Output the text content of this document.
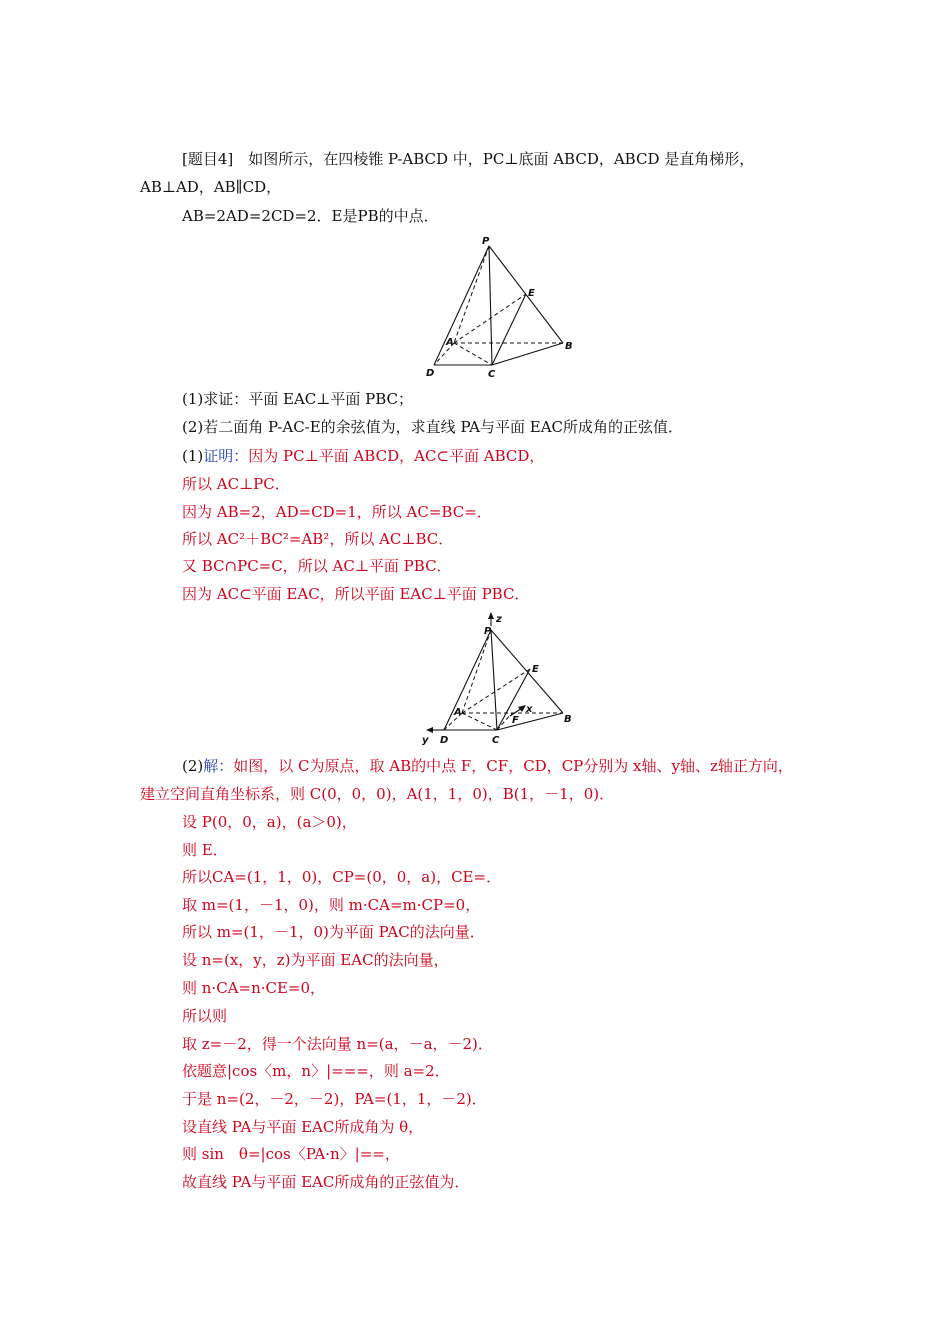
[题目4]　如图所示，在四棱锥 P-ABCD 中，PC⊥底面 ABCD，ABCD 是直角梯形，
AB⊥AD，AB∥CD，
AB=2AD=2CD=2．E是PB的中点．
P
E
A	B
C
D
(1)求证：平面 EAC⊥平面 PBC；
(2)若二面角 P-AC-E的余弦值为，求直线 PA与平面 EAC所成角的正弦值．
(1)证明：因为 PC⊥平面 ABCD，AC⊂平面 ABCD，
所以 AC⊥PC．
因为 AB=2，AD=CD=1，所以 AC=BC=．
所以 AC²＋BC²=AB²，所以 AC⊥BC．
又 BC∩PC=C，所以 AC⊥平面 PBC．
因为 AC⊂平面 EAC，所以平面 EAC⊥平面 PBC．
P
z
E
A
B
C
D
F
x
y
(2)解：如图，以 C为原点，取 AB的中点 F，CF，CD，CP分别为 x轴、y轴、z轴正方向，
建立空间直角坐标系，则 C(0，0，0)，A(1，1，0)，B(1，－1，0)．
设 P(0，0，a)，(a＞0)，
则 E．
所以CA=(1，1，0)，CP=(0，0，a)，CE=．
取 m=(1，－1，0)，则 m·CA=m·CP=0，
所以 m=(1，－1，0)为平面 PAC的法向量．
设 n=(x，y，z)为平面 EAC的法向量，
则 n·CA=n·CE=0，
所以则
取 z=－2，得一个法向量 n=(a，－a，－2)．
依题意|cos〈m，n〉|===，则 a=2．
于是 n=(2，－2，－2)，PA=(1，1，－2)．
设直线 PA与平面 EAC所成角为 θ，
则 sin　θ=|cos〈PA·n〉|==，
故直线 PA与平面 EAC所成角的正弦值为．
